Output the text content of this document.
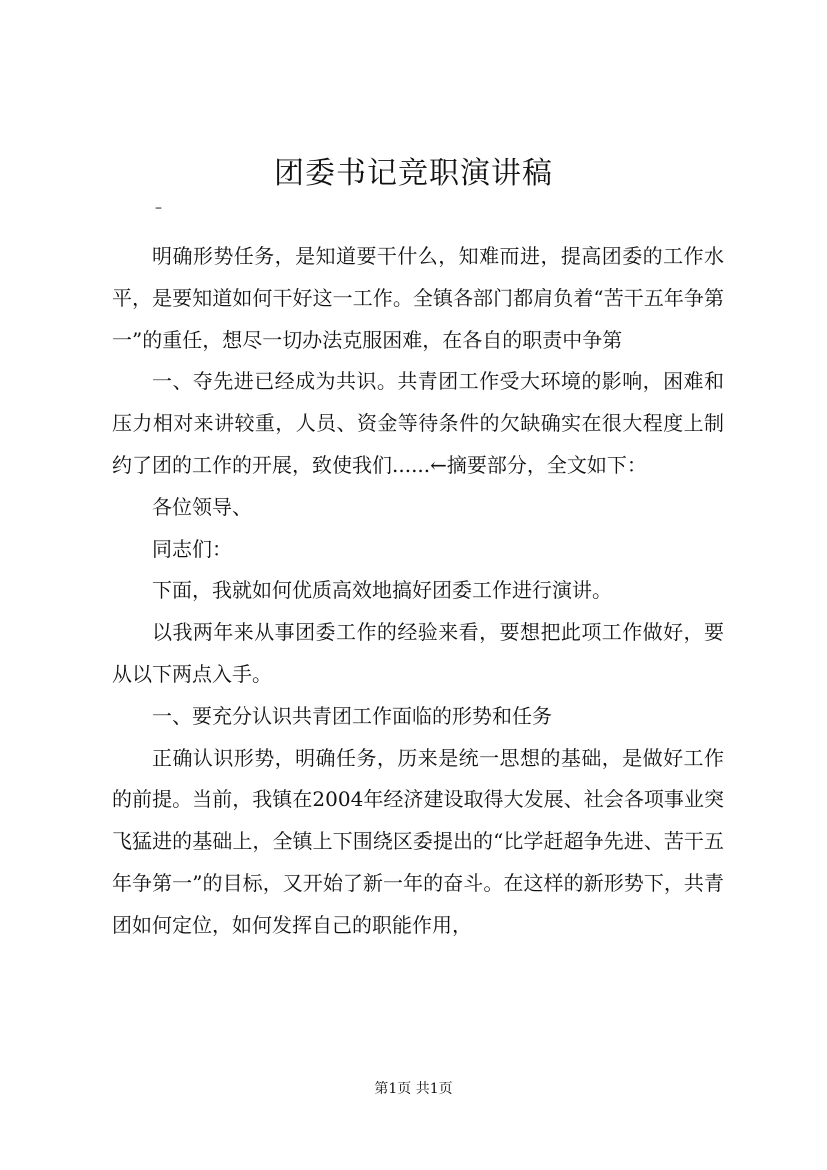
团委书记竞职演讲稿
–

明确形势任务，是知道要干什么，知难而进，提高团委的工作水平，是要知道如何干好这一工作。全镇各部门都肩负着“苦干五年争第一”的重任，想尽一切办法克服困难，在各自的职责中争第

一、夺先进已经成为共识。共青团工作受大环境的影响，困难和压力相对来讲较重，人员、资金等待条件的欠缺确实在很大程度上制约了团的工作的开展，致使我们......←摘要部分，全文如下：

各位领导、

同志们：

下面，我就如何优质高效地搞好团委工作进行演讲。

以我两年来从事团委工作的经验来看，要想把此项工作做好，要从以下两点入手。

一、要充分认识共青团工作面临的形势和任务

正确认识形势，明确任务，历来是统一思想的基础，是做好工作的前提。当前，我镇在2004年经济建设取得大发展、社会各项事业突飞猛进的基础上，全镇上下围绕区委提出的“比学赶超争先进、苦干五年争第一”的目标，又开始了新一年的奋斗。在这样的新形势下，共青团如何定位，如何发挥自己的职能作用，

第1页 共1页
